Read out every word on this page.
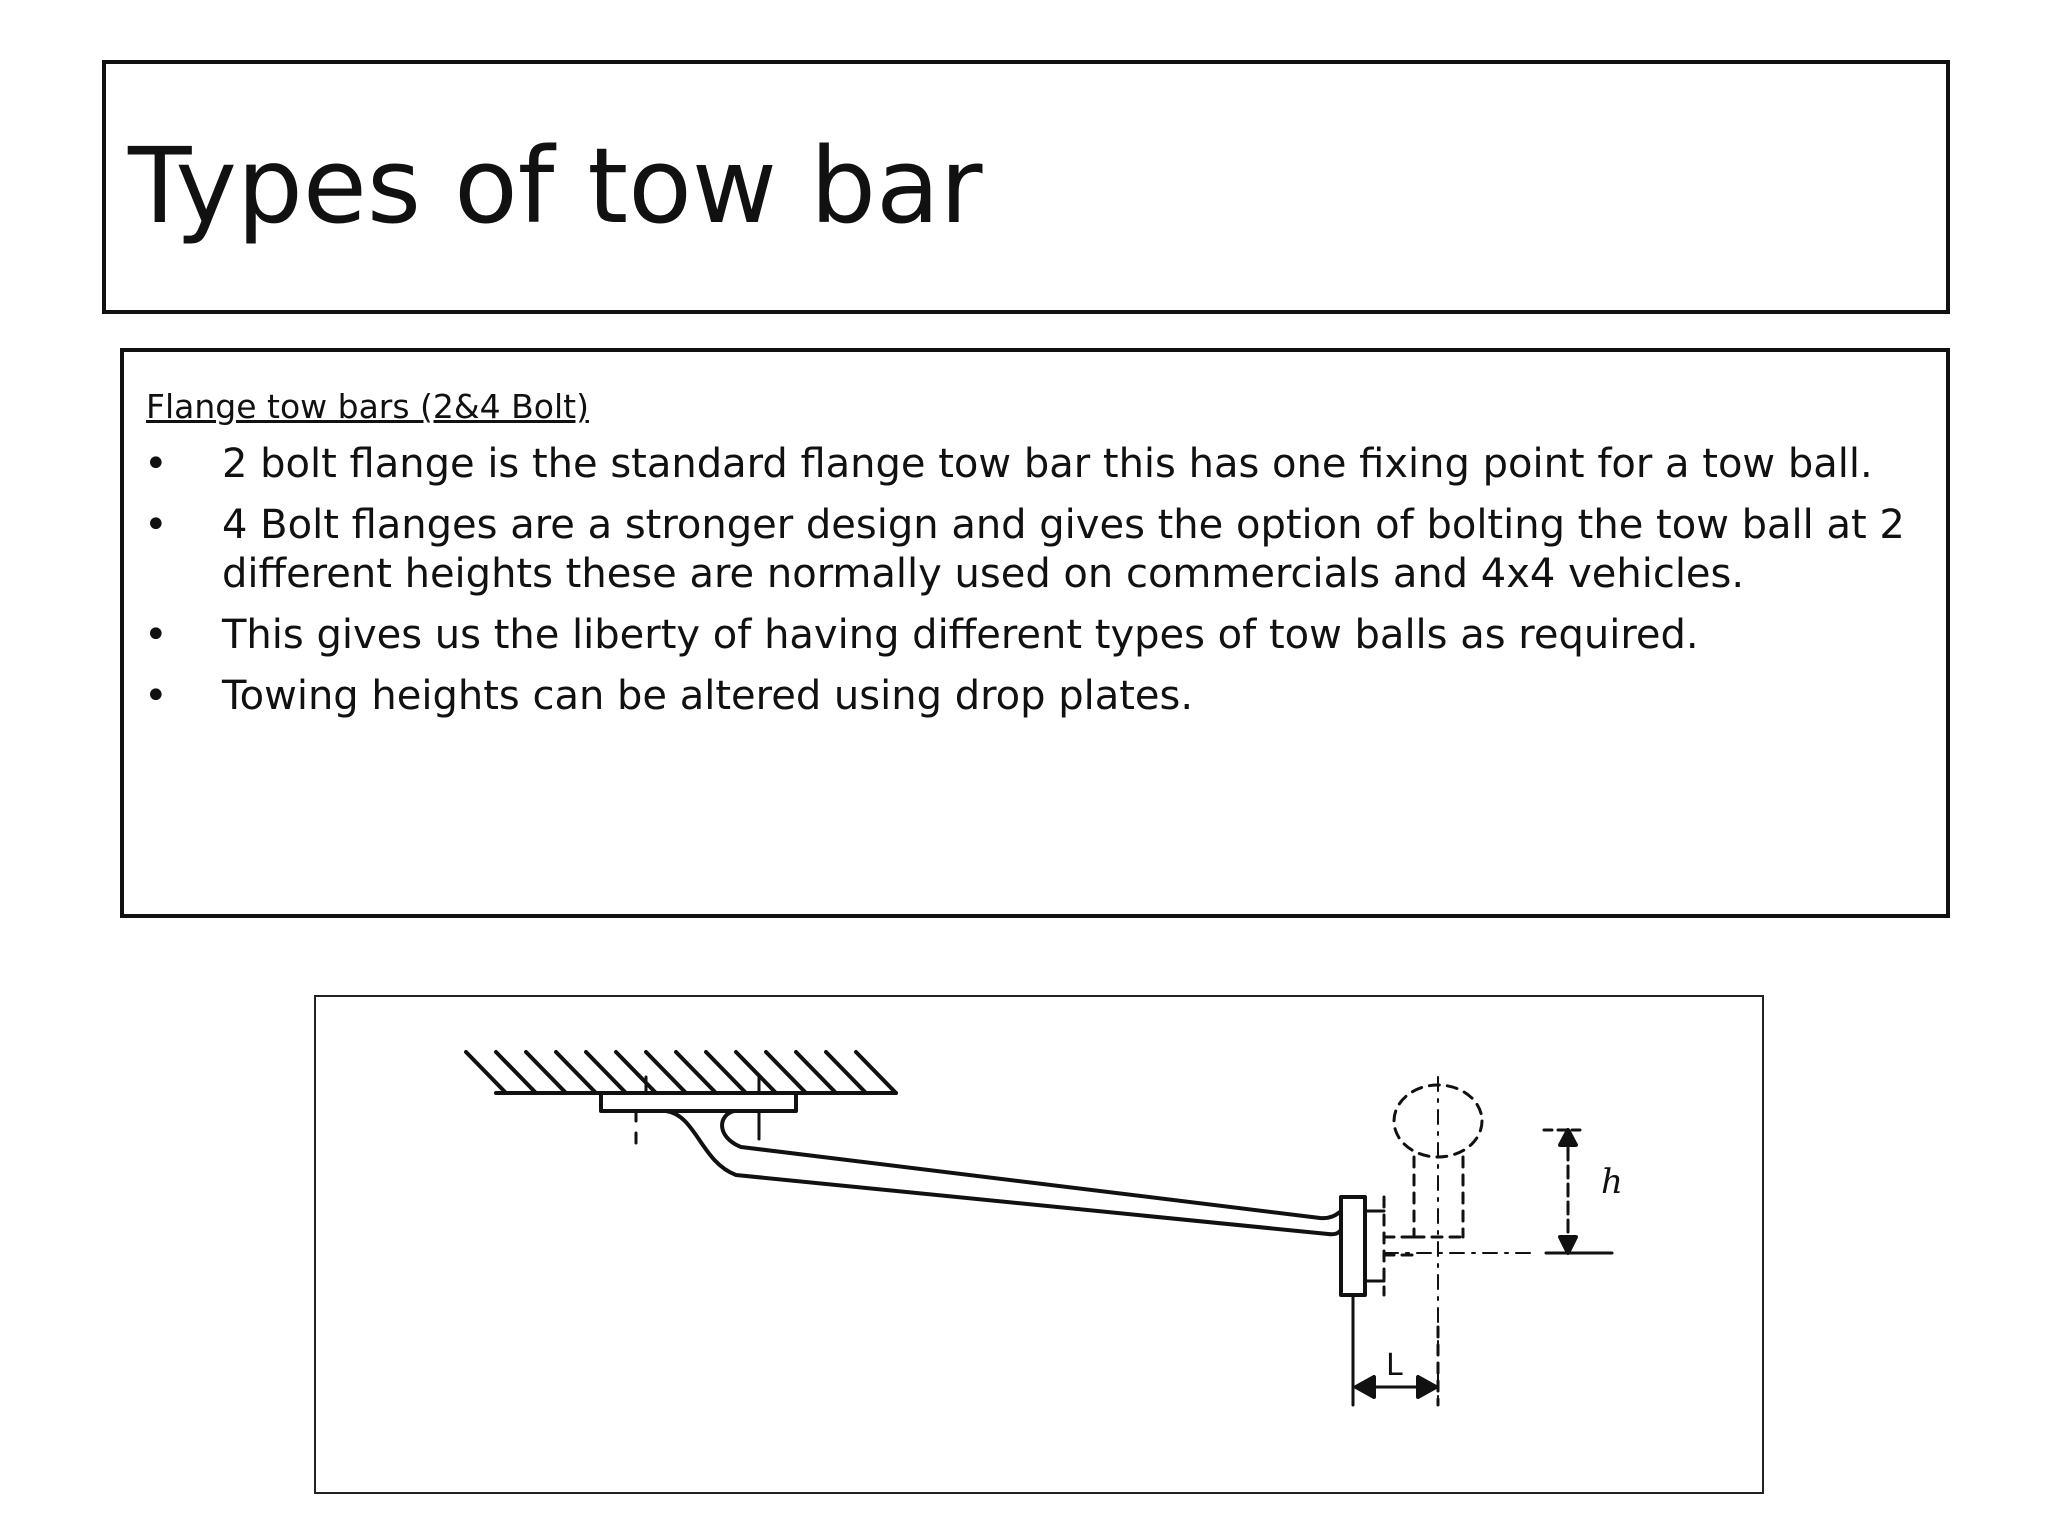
Types of tow bar
Flange tow bars (2&4 Bolt)
•	2 bolt flange is the standard flange tow bar this has one fixing point for a tow ball.
•	4 Bolt flanges are a stronger design and gives the option of bolting the tow ball at 2 different heights these are normally used on commercials and 4x4 vehicles.
•	This gives us the liberty of having different types of tow balls as required.
•	Towing heights can be altered using drop plates.
h
L
